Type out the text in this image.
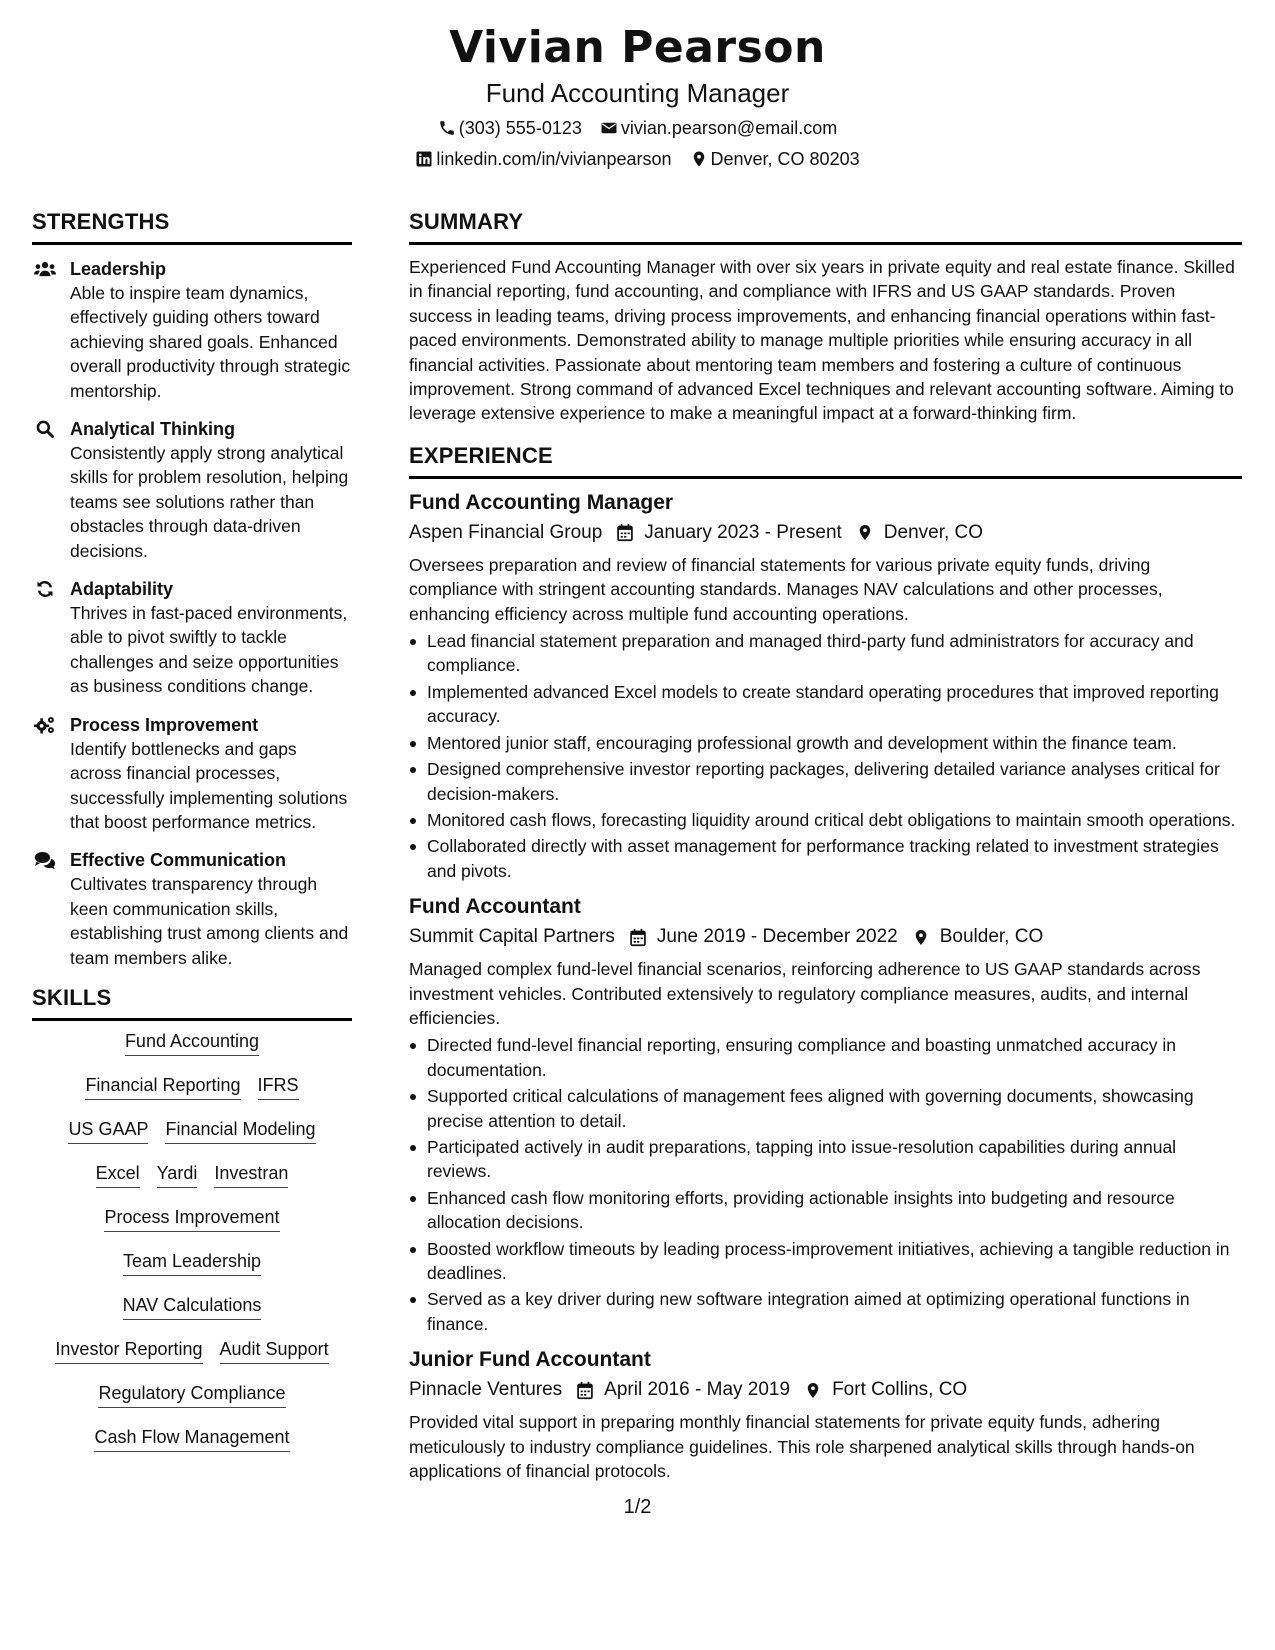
Vivian Pearson
Fund Accounting Manager
(303) 555-0123 vivian.pearson@email.com
linkedin.com/in/vivianpearson Denver, CO 80203
STRENGTHS
Leadership
Able to inspire team dynamics, effectively guiding others toward achieving shared goals. Enhanced overall productivity through strategic mentorship.
Analytical Thinking
Consistently apply strong analytical skills for problem resolution, helping teams see solutions rather than obstacles through data-driven decisions.
Adaptability
Thrives in fast-paced environments, able to pivot swiftly to tackle challenges and seize opportunities as business conditions change.
Process Improvement
Identify bottlenecks and gaps across financial processes, successfully implementing solutions that boost performance metrics.
Effective Communication
Cultivates transparency through keen communication skills, establishing trust among clients and team members alike.
SKILLS
Fund Accounting
Financial Reporting IFRS
US GAAP Financial Modeling
Excel Yardi Investran
Process Improvement
Team Leadership
NAV Calculations
Investor Reporting Audit Support
Regulatory Compliance
Cash Flow Management
SUMMARY
Experienced Fund Accounting Manager with over six years in private equity and real estate finance. Skilled in financial reporting, fund accounting, and compliance with IFRS and US GAAP standards. Proven success in leading teams, driving process improvements, and enhancing financial operations within fast-paced environments. Demonstrated ability to manage multiple priorities while ensuring accuracy in all financial activities. Passionate about mentoring team members and fostering a culture of continuous improvement. Strong command of advanced Excel techniques and relevant accounting software. Aiming to leverage extensive experience to make a meaningful impact at a forward-thinking firm.
EXPERIENCE
Fund Accounting Manager
Aspen Financial Group January 2023 - Present Denver, CO
Oversees preparation and review of financial statements for various private equity funds, driving compliance with stringent accounting standards. Manages NAV calculations and other processes, enhancing efficiency across multiple fund accounting operations.
Lead financial statement preparation and managed third-party fund administrators for accuracy and compliance.
Implemented advanced Excel models to create standard operating procedures that improved reporting accuracy.
Mentored junior staff, encouraging professional growth and development within the finance team.
Designed comprehensive investor reporting packages, delivering detailed variance analyses critical for decision-makers.
Monitored cash flows, forecasting liquidity around critical debt obligations to maintain smooth operations.
Collaborated directly with asset management for performance tracking related to investment strategies and pivots.
Fund Accountant
Summit Capital Partners June 2019 - December 2022 Boulder, CO
Managed complex fund-level financial scenarios, reinforcing adherence to US GAAP standards across investment vehicles. Contributed extensively to regulatory compliance measures, audits, and internal efficiencies.
Directed fund-level financial reporting, ensuring compliance and boasting unmatched accuracy in documentation.
Supported critical calculations of management fees aligned with governing documents, showcasing precise attention to detail.
Participated actively in audit preparations, tapping into issue-resolution capabilities during annual reviews.
Enhanced cash flow monitoring efforts, providing actionable insights into budgeting and resource allocation decisions.
Boosted workflow timeouts by leading process-improvement initiatives, achieving a tangible reduction in deadlines.
Served as a key driver during new software integration aimed at optimizing operational functions in finance.
Junior Fund Accountant
Pinnacle Ventures April 2016 - May 2019 Fort Collins, CO
Provided vital support in preparing monthly financial statements for private equity funds, adhering meticulously to industry compliance guidelines. This role sharpened analytical skills through hands-on applications of financial protocols.
1/2
